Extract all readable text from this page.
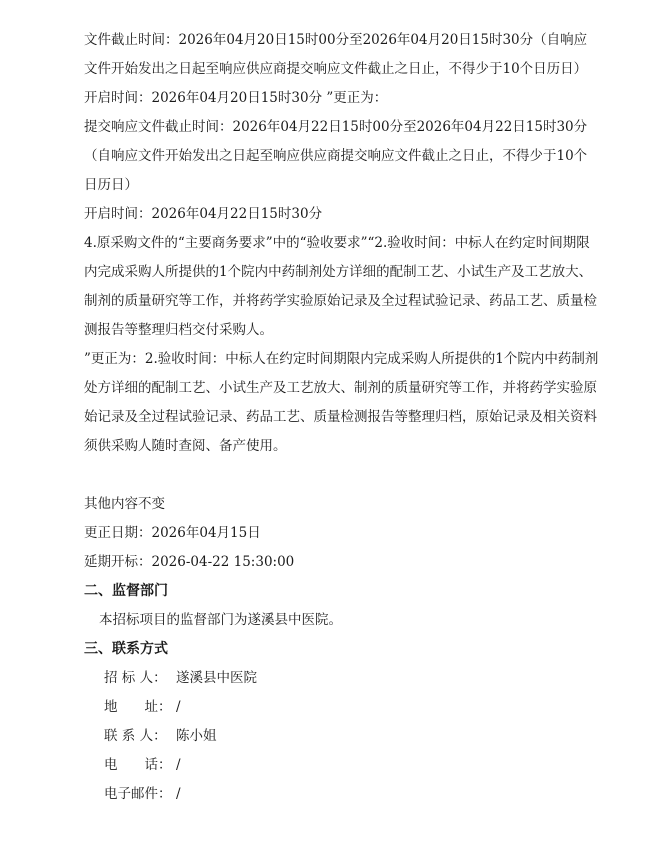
文件截止时间：2026年04月20日15时00分至2026年04月20日15时30分（自响应文件开始发出之日起至响应供应商提交响应文件截止之日止，不得少于10个日历日）
开启时间：2026年04月20日15时30分 ”更正为：
提交响应文件截止时间：2026年04月22日15时00分至2026年04月22日15时30分（自响应文件开始发出之日起至响应供应商提交响应文件截止之日止，不得少于10个日历日）
开启时间：2026年04月22日15时30分
4.原采购文件的“主要商务要求”中的“验收要求”“2.验收时间：中标人在约定时间期限内完成采购人所提供的1个院内中药制剂处方详细的配制工艺、小试生产及工艺放大、制剂的质量研究等工作，并将药学实验原始记录及全过程试验记录、药品工艺、质量检测报告等整理归档交付采购人。
”更正为：2.验收时间：中标人在约定时间期限内完成采购人所提供的1个院内中药制剂处方详细的配制工艺、小试生产及工艺放大、制剂的质量研究等工作，并将药学实验原始记录及全过程试验记录、药品工艺、质量检测报告等整理归档，原始记录及相关资料须供采购人随时查阅、备产使用。
其他内容不变
更正日期：2026年04月15日
延期开标：2026-04-22 15:30:00
二、监督部门
本招标项目的监督部门为遂溪县中医院。
三、联系方式
招 标 人： 遂溪县中医院
地　　址： /
联 系 人： 陈小姐
电　　话： /
电子邮件： /
